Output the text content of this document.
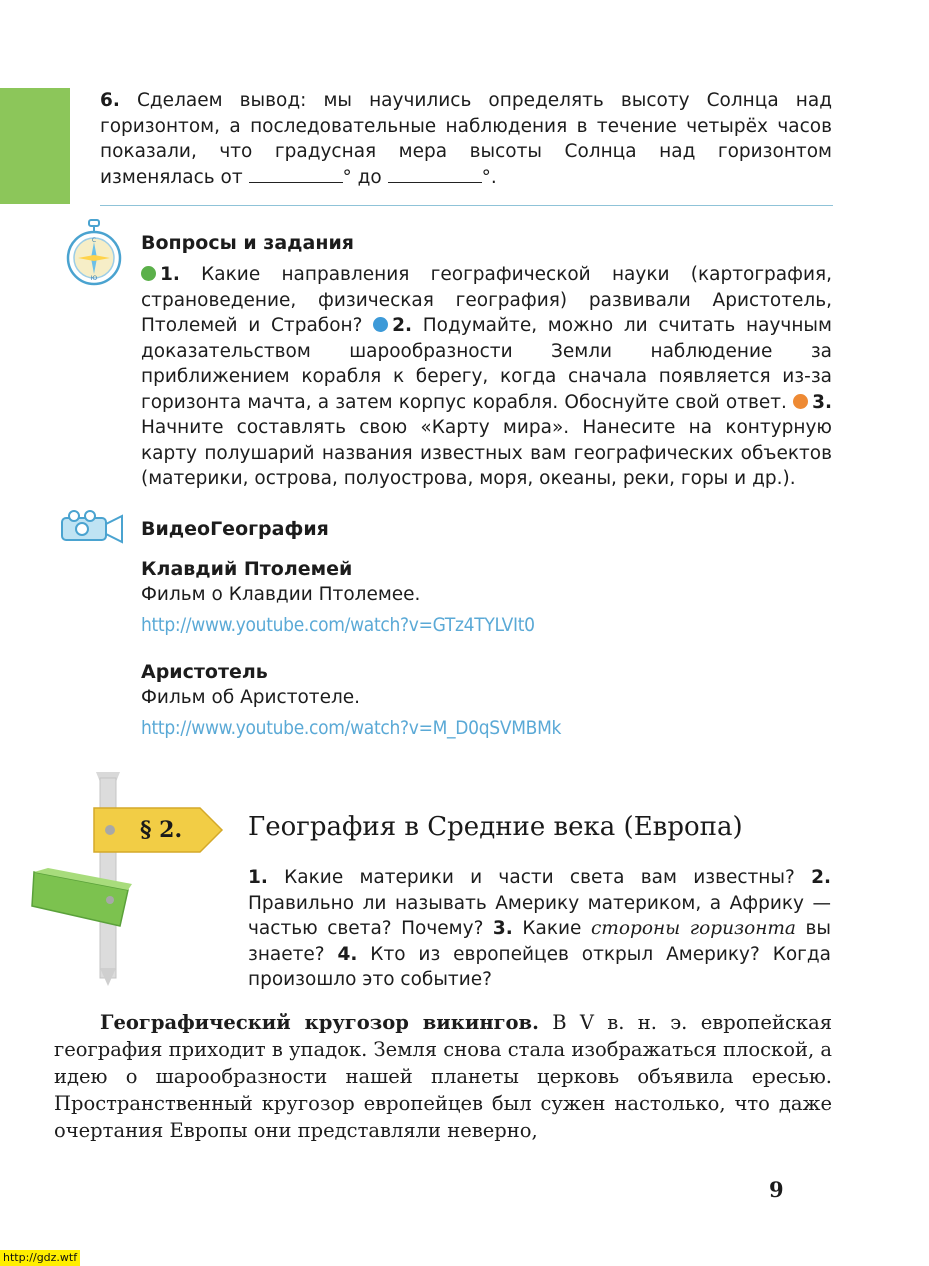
6. Сделаем вывод: мы научились определять высоту Солнца над горизонтом, а последовательные наблюдения в течение четырёх часов показали, что градусная мера высоты Солнца над горизонтом изменялась от	° до	°.
С
Ю
Вопросы и задания
1. Какие направления географической науки (картография, страноведение, физическая география) развивали Аристотель, Птолемей и Страбон? 2. Подумайте, можно ли считать научным доказательством шарообразности Земли наблюдение за приближением корабля к берегу, когда сначала появляется из-за горизонта мачта, а затем корпус корабля. Обоснуйте свой ответ. 3. Начните составлять свою «Карту мира». Нанесите на контурную карту полушарий названия известных вам географических объектов (материки, острова, полуострова, моря, океаны, реки, горы и др.).
ВидеоГеография
Клавдий Птолемей
Фильм о Клавдии Птолемее.
http://www.youtube.com/watch?v=GTz4TYLVIt0
Аристотель
Фильм об Аристотеле.
http://www.youtube.com/watch?v=M_D0qSVMBMk
§ 2.	География в Средние века (Европа)
1. Какие материки и части света вам известны? 2. Правильно ли называть Америку материком, а Африку — частью света? Почему? 3. Какие стороны горизонта вы знаете? 4. Кто из европейцев открыл Америку? Когда произошло это событие?

Географический кругозор викингов. В V в. н. э. европейская география приходит в упадок. Земля снова стала изображаться плоской, а идею о шарообразности нашей планеты церковь объявила ересью. Пространственный кругозор европейцев был сужен настолько, что даже очертания Европы они представляли неверно,

9
http://gdz.wtf
